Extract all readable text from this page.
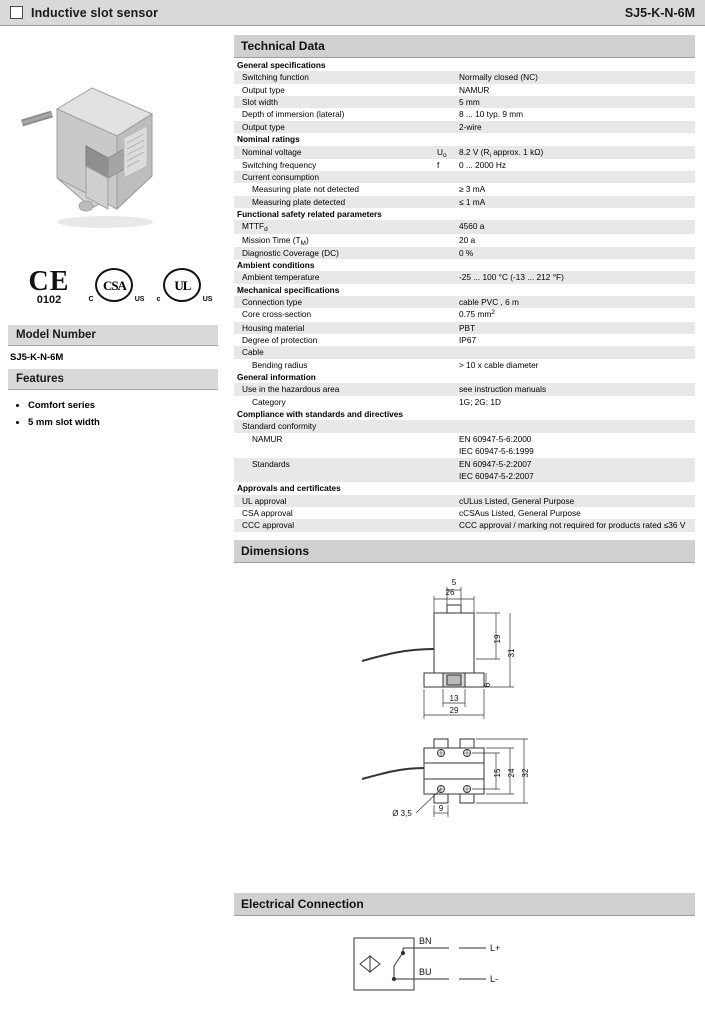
Inductive slot sensor	SJ5-K-N-6M
CE
0102
CSA
C	US
UL
c	US
Model Number
SJ5-K-N-6M
Features
• Comfort series
• 5 mm slot width
Technical Data
General specifications		
Switching function		Normally closed (NC)
Output type		NAMUR
Slot width		5 mm
Depth of immersion (lateral)		8 ... 10 typ. 9 mm
Output type		2-wire
Nominal ratings		
Nominal voltage	$U_o$	8.2 V ($R_i$ approx. 1 kΩ)
Switching frequency	f	0 ... 2000 Hz
Current consumption		
Measuring plate not detected		≥ 3 mA
Measuring plate detected		≤ 1 mA
Functional safety related parameters		
$MTTF_d$		4560 a
Mission Time $(T_M)$		20 a
Diagnostic Coverage (DC)		0 %
Ambient conditions		
Ambient temperature		-25 ... 100 °C (-13 ... 212 °F)
Mechanical specifications		
Connection type		cable PVC , 6 m
Core cross-section		0.75 $mm^2$
Housing material		PBT
Degree of protection		IP67
Cable		
Bending radius		> 10 x cable diameter
General information		
Use in the hazardous area		see instruction manuals
Category		1G; 2G; 1D
Compliance with standards and directives		
Standard conformity		
NAMUR		EN 60947-5-6:2000
		IEC 60947-5-6:1999
Standards		EN 60947-5-2:2007
		IEC 60947-5-2:2007
Approvals and certificates		
UL approval		cULus Listed, General Purpose
CSA approval		cCSAus Listed, General Purpose
CCC approval		CCC approval / marking not required for products rated ≤36 V
Dimensions
26
5
19
31
6
13
29
15 24 32
9
Ø 3,5
Electrical Connection
BN
BU
L+
L-
